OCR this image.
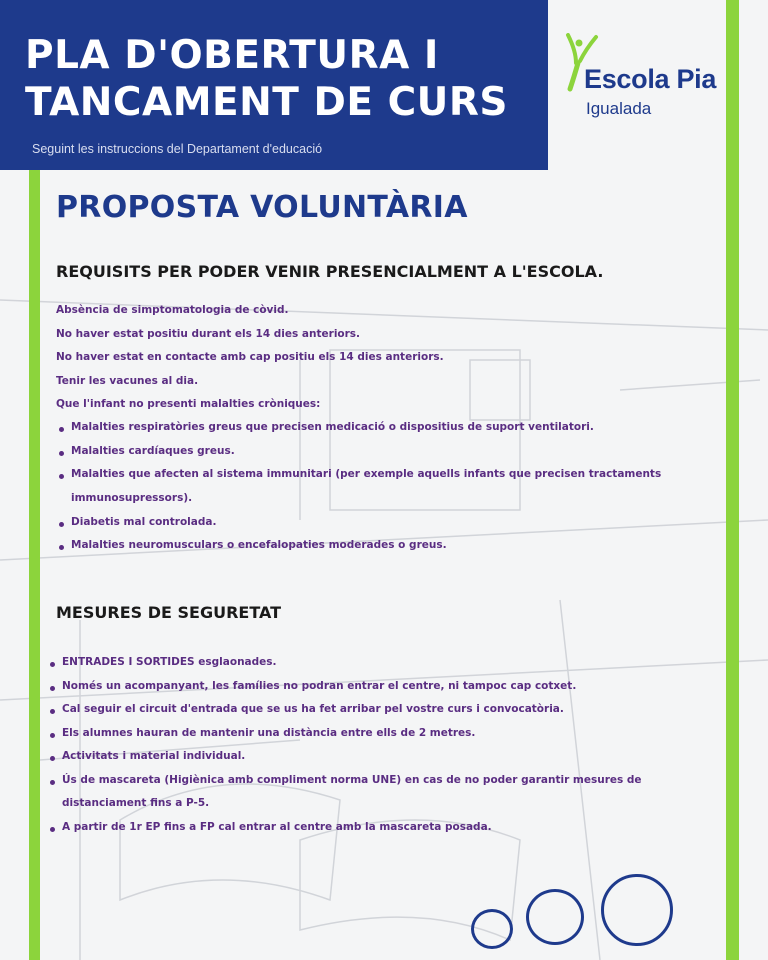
PLA D'OBERTURA I
TANCAMENT DE CURS
Seguint les instruccions del Departament d'educació
Escola Pia
Igualada
PROPOSTA VOLUNTÀRIA
REQUISITS PER PODER VENIR PRESENCIALMENT A L'ESCOLA.
Absència de simptomatologia de còvid.
No haver estat positiu durant els 14 dies anteriors.
No haver estat en contacte amb cap positiu els 14 dies anteriors.
Tenir les vacunes al dia.
Que l'infant no presenti malalties cròniques:
Malalties respiratòries greus que precisen medicació o dispositius de suport ventilatori.
Malalties cardíaques greus.
Malalties que afecten al sistema immunitari (per exemple aquells infants que precisen tractaments
immunosupressors).
Diabetis mal controlada.
Malalties neuromusculars o encefalopaties moderades o greus.
MESURES DE SEGURETAT
ENTRADES I SORTIDES esglaonades.
Només un acompanyant, les famílies no podran entrar el centre, ni tampoc cap cotxet.
Cal seguir el circuit d'entrada que se us ha fet arribar pel vostre curs i convocatòria.
Els alumnes hauran de mantenir una distància entre ells de 2 metres.
Activitats i material individual.
Ús de mascareta (Higiènica amb compliment norma UNE) en cas de no poder garantir mesures de
distanciament fins a P-5.
A partir de 1r EP fins a FP cal entrar al centre amb la mascareta posada.
